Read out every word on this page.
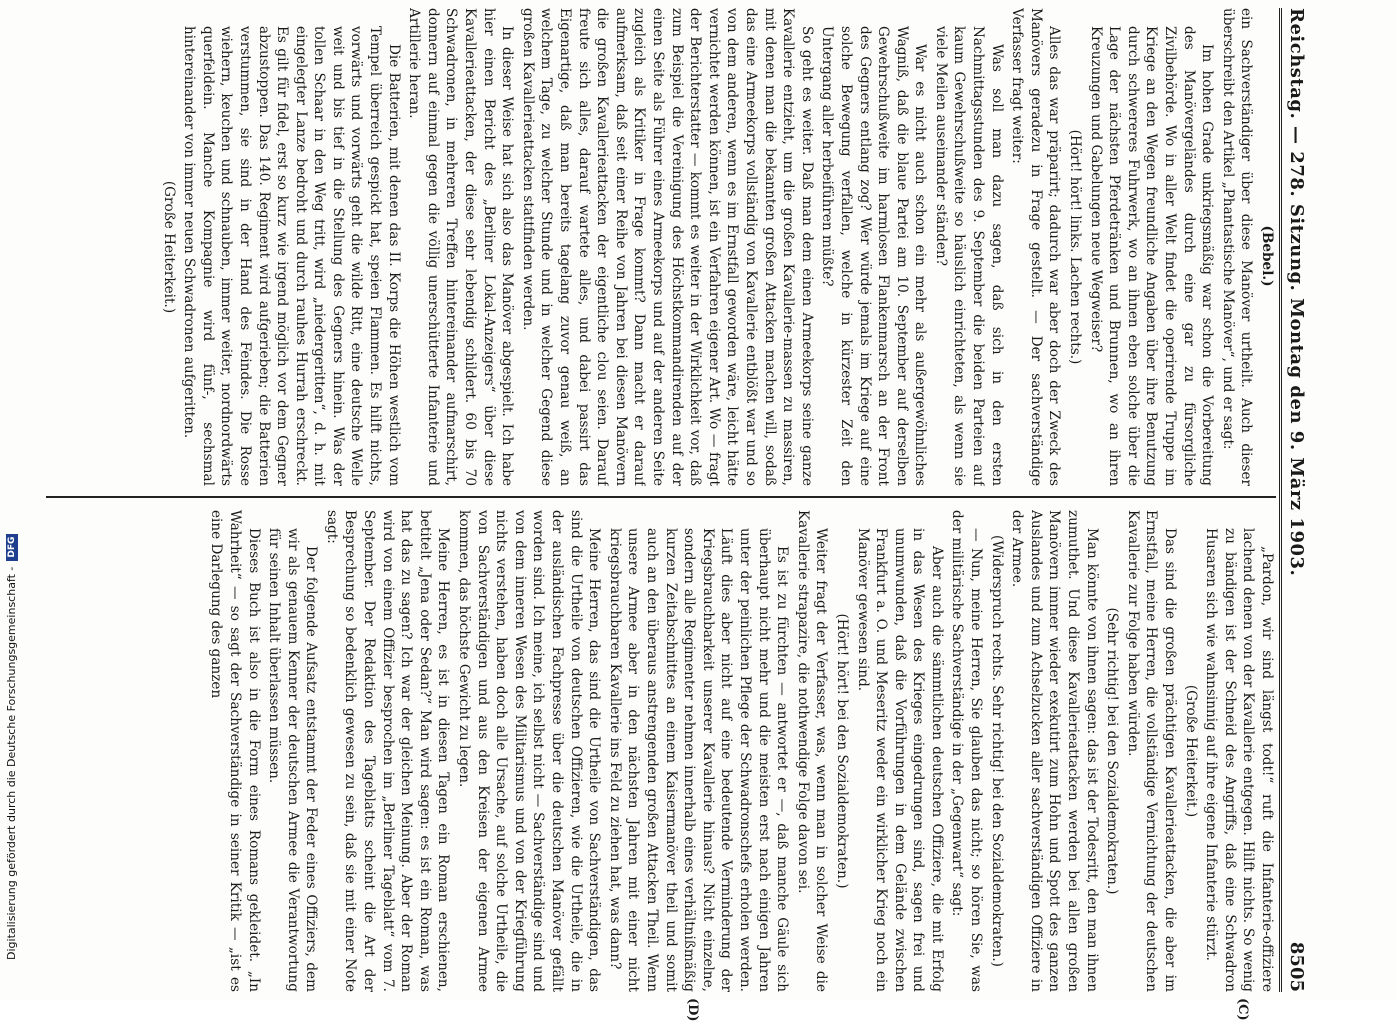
Reichstag. — 278. Sitzung. Montag den 9. März 1903.
8505

(Bebel.)

ein Sachverständiger über diese Manöver urtheilt. Auch dieser überschreibt den Artikel „Phantastische Manöver“, und er sagt:

Im hohen Grade unkriegsmäßig war schon die Vorbereitung des Manövergeländes durch eine gar zu fürsorgliche Zivilbehörde. Wo in aller Welt findet die operirende Truppe im Kriege an den Wegen freundliche Angaben über ihre Benutzung durch schwereres Fuhrwerk, wo an ihnen eben solche über die Lage der nächsten Pferdetränken und Brunnen, wo an ihren Kreuzungen und Gabelungen neue Wegweiser?

(Hört! hört! links. Lachen rechts.)

Alles das war präparirt; dadurch war aber doch der Zweck des Manövers geradezu in Frage gestellt. — Der sachverständige Verfasser fragt weiter:

Was soll man dazu sagen, daß sich in den ersten Nachmittagsstunden des 9. September die beiden Parteien auf kaum Gewehrschußweite so häuslich einrichteten, als wenn sie viele Meilen auseinander ständen?

War es nicht auch schon ein mehr als außergewöhnliches Wagniß, daß die blaue Partei am 10. September auf derselben Gewehrschußweite im harmlosen Flankenmarsch an der Front des Gegners entlang zog? Wer würde jemals im Kriege auf eine solche Bewegung verfallen, welche in kürzester Zeit den Untergang aller herbeiführen müßte?

So geht es weiter. Daß man dem einen Armeekorps seine ganze Kavallerie entzieht, um die großen Kavallerie-massen zu massiren, mit denen man die bekannten großen Attacken machen will, sodaß das eine Armeekorps vollständig von Kavallerie entblößt war und so von dem anderen, wenn es im Ernstfall geworden wäre, leicht hätte vernichtet werden können, ist ein Verfahren eigener Art. Wo — fragt der Berichterstatter — kommt es weiter in der Wirklichkeit vor, daß zum Beispiel die Vereinigung des Höchstkommandirenden auf der einen Seite als Führer eines Armeekorps und auf der anderen Seite zugleich als Kritiker in Frage kommt? Dann macht er darauf aufmerksam, daß seit einer Reihe von Jahren bei diesen Manövern die großen Kavallerieattacken der eigentliche clou seien. Darauf freute sich alles, darauf wartete alles, und dabei passirt das Eigenartige, daß man bereits tagelang zuvor genau weiß, an welchem Tage, zu welcher Stunde und in welcher Gegend diese großen Kavallerieattacken stattfinden werden.

In dieser Weise hat sich also das Manöver abgespielt. Ich habe hier einen Bericht des „Berliner Lokal-Anzeigers“ über diese Kavallerieattacken, der diese sehr lebendig schildert. 60 bis 70 Schwadronen, in mehreren Treffen hintereinander aufmarschirt, donnern auf einmal gegen die völlig unerschütterte Infanterie und Artillerie heran.

Die Batterien, mit denen das II. Korps die Höhen westlich vom Tempel überreich gespickt hat, speien Flammen. Es hilft nichts, vorwärts und vorwärts geht die wilde Ritt, eine deutsche Welle weit und bis tief in die Stellung des Gegners hinein. Was der tollen Schaar in den Weg tritt, wird „niedergeritten“, d. h. mit eingelegter Lanze bedroht und durch rauhes Hurrah erschreckt. Es gilt für fidel, erst so kurz wie irgend möglich vor dem Gegner abzustoppen. Das 140. Regiment wird aufgerieben; die Batterien verstummen, sie sind in der Hand des Feindes. Die Rosse wiehern, keuchen und schnauben, immer weiter, nordnordwärts querfeldein. Manche Kompagnie wird fünf-, sechsmal hintereinander von immer neuen Schwadronen aufgeritten.

(Große Heiterkeit.)

„Pardon, wir sind längst todt!“ ruft die Infanterie-offiziere lachend denen von der Kavallerie entgegen. Hilft nichts. So wenig zu bändigen ist der Schneid des Angriffs, daß eine Schwadron Husaren sich wie wahnsinnig auf ihre eigene Infanterie stürzt.

(Große Heiterkeit.)

Das sind die großen prächtigen Kavallerieattacken, die aber im Ernstfall, meine Herren, die vollständige Vernichtung der deutschen Kavallerie zur Folge haben würden.

(Sehr richtig! bei den Sozialdemokraten.)

Man könnte von ihnen sagen: das ist der Todesritt, den man ihnen zumuthet. Und diese Kavallerieattacken werden bei allen großen Manövern immer wieder exekutirt zum Hohn und Spott des ganzen Auslandes und zum Achselzucken aller sachverständigen Offiziere in der Armee.

(Widerspruch rechts. Sehr richtig! bei den Sozialdemokraten.)

— Nun, meine Herren, Sie glauben das nicht; so hören Sie, was der militärische Sachverständige in der „Gegenwart“ sagt:

Aber auch die sämmtlichen deutschen Offiziere, die mit Erfolg in das Wesen des Krieges eingedrungen sind, sagen frei und unumwunden, daß die Vorführungen in dem Gelände zwischen Frankfurt a. O. und Meseritz weder ein wirklicher Krieg noch ein Manöver gewesen sind.

(Hört! hört! bei den Sozialdemokraten.)

Weiter fragt der Verfasser, was, wenn man in solcher Weise die Kavallerie strapazire, die nothwendige Folge davon sei.

Es ist zu fürchten — antwortet er —, daß manche Gäule sich überhaupt nicht mehr und die meisten erst nach einigen Jahren unter der peinlichen Pflege der Schwadronschefs erholen werden. Läuft dies aber nicht auf eine bedeutende Verminderung der Kriegsbrauchbarkeit unserer Kavallerie hinaus? Nicht einzelne, sondern alle Regimenter nehmen innerhalb eines verhältnißmäßig kurzen Zeitabschnittes an einem Kaisermanöver theil und somit auch an den überaus anstrengenden großen Attacken Theil. Wenn unsere Armee aber in den nächsten Jahren mit einer nicht kriegsbrauchbaren Kavallerie ins Feld zu ziehen hat, was dann?

Meine Herren, das sind die Urtheile von Sachverständigen, das sind die Urtheile von deutschen Offizieren, wie die Urtheile, die in der ausländischen Fachpresse über die deutschen Manöver gefällt worden sind. Ich meine, ich selbst nicht — Sachverständige sind und von dem inneren Wesen des Militarismus und von der Kriegführung nichts verstehen, haben doch alle Ursache, auf solche Urtheile, die von Sachverständigen und aus den Kreisen der eigenen Armee kommen, das höchste Gewicht zu legen.

Meine Herren, es ist in diesen Tagen ein Roman erschienen, betitelt „Jena oder Sedan?“ Man wird sagen: es ist ein Roman, was hat das zu sagen? Ich war der gleichen Meinung. Aber der Roman wird von einem Offizier besprochen im „Berliner Tageblatt“ vom 7. September. Der Redaktion des Tageblatts scheint die Art der Besprechung so bedenklich gewesen zu sein, daß sie mit einer Note sagt:

Der folgende Aufsatz entstammt der Feder eines Offiziers, dem wir als genauem Kenner der deutschen Armee die Verantwortung für seinen Inhalt überlassen müssen.

Dieses Buch ist also in die Form eines Romans gekleidet. „In Wahrheit“ — so sagt der Sachverständige in seiner Kritik — „ist es eine Darlegung des ganzen

(C)
(D)
Digitalisierung gefördert durch die Deutsche Forschungsgemeinschaft -DFG
